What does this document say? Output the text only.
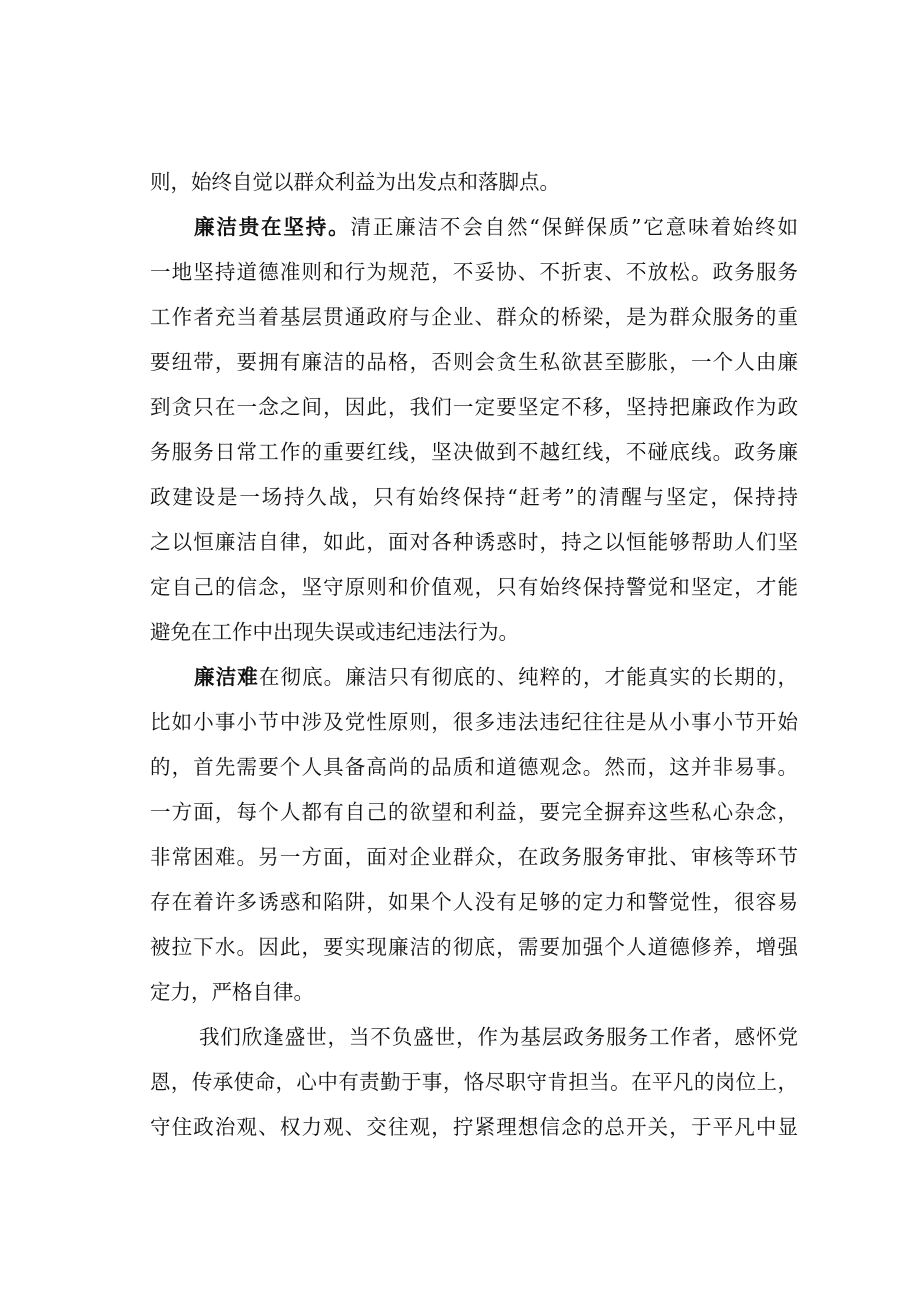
则，始终自觉以群众利益为出发点和落脚点。
廉洁贵在坚持。清正廉洁不会自然“保鲜保质”它意味着始终如
一地坚持道德准则和行为规范，不妥协、不折衷、不放松。政务服务
工作者充当着基层贯通政府与企业、群众的桥梁，是为群众服务的重
要纽带，要拥有廉洁的品格，否则会贪生私欲甚至膨胀，一个人由廉
到贪只在一念之间，因此，我们一定要坚定不移，坚持把廉政作为政
务服务日常工作的重要红线，坚决做到不越红线，不碰底线。政务廉
政建设是一场持久战，只有始终保持“赶考”的清醒与坚定，保持持
之以恒廉洁自律，如此，面对各种诱惑时，持之以恒能够帮助人们坚
定自己的信念，坚守原则和价值观，只有始终保持警觉和坚定，才能
避免在工作中出现失误或违纪违法行为。
廉洁难在彻底。廉洁只有彻底的、纯粹的，才能真实的长期的，
比如小事小节中涉及党性原则，很多违法违纪往往是从小事小节开始
的，首先需要个人具备高尚的品质和道德观念。然而，这并非易事。
一方面，每个人都有自己的欲望和利益，要完全摒弃这些私心杂念，
非常困难。另一方面，面对企业群众，在政务服务审批、审核等环节
存在着许多诱惑和陷阱，如果个人没有足够的定力和警觉性，很容易
被拉下水。因此，要实现廉洁的彻底，需要加强个人道德修养，增强
定力，严格自律。
我们欣逢盛世，当不负盛世，作为基层政务服务工作者，感怀党
恩，传承使命，心中有责勤于事，恪尽职守肯担当。在平凡的岗位上，
守住政治观、权力观、交往观，拧紧理想信念的总开关，于平凡中显
